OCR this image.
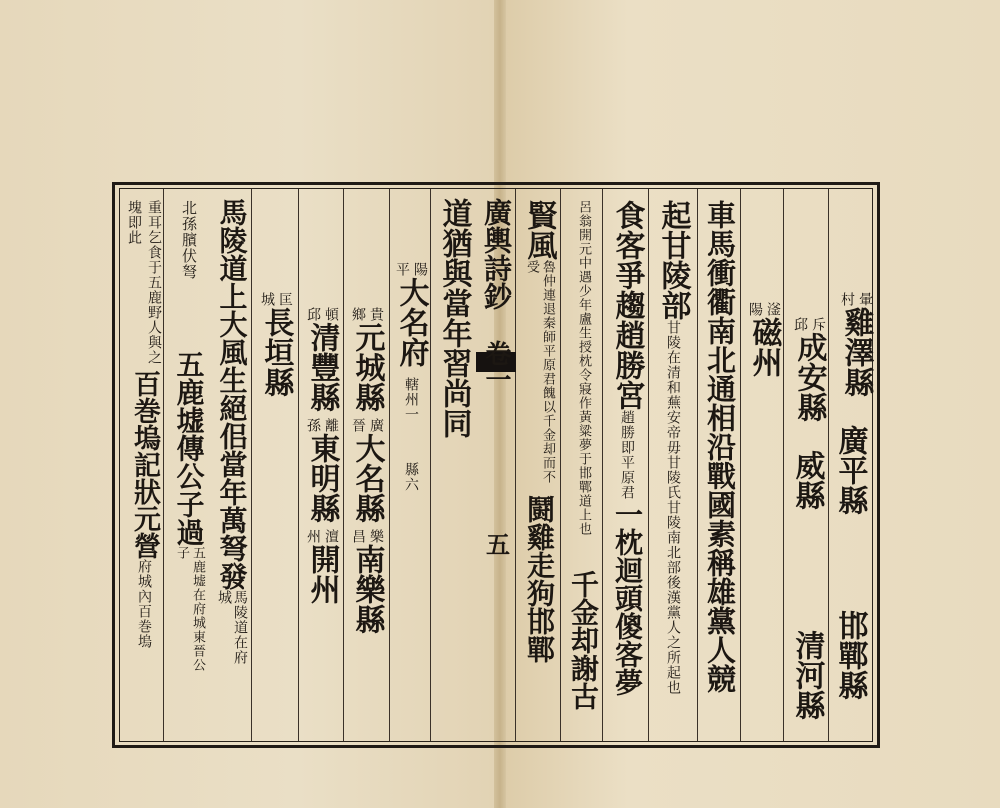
暈
村
雞澤縣
斥
邱
成安縣
廣平縣
威縣
滏
陽
磁州
邯鄲縣
清河縣
車馬衝衢南北通相沿戰國素稱雄黨人競
起甘陵部
甘陵在清和蕪安帝毋甘陵氏甘陵南北部後漢黨人之所起也
食客爭趨趙勝宮
趙勝即平原君
一枕迴頭傻客夢
呂翁開元中遇少年盧生授枕令寢作黃粱夢于邯鄲道上也
千金却謝古
賢風
魯仲連退秦師平原君餽以千金却而不受
鬪雞走狗邯鄲
廣輿詩鈔
卷一
五
道猶與當年習尚同
陽
平
大名府
轄州一
縣六
貴
鄉
元城縣
廣
晉
大名縣
樂
昌
南樂縣
頓
邱
清豐縣
離
孫
東明縣
澶
州
開州
匡
城
長垣縣
馬陵道上大風生絕佀當年萬弩發
馬陵道在府城
北孫臏伏弩
五鹿墟傳公子過
五鹿墟在府城東晉公子
重耳乞食于五鹿野人與之塊即此
百巻塢記狀元營
府城內百巻塢
